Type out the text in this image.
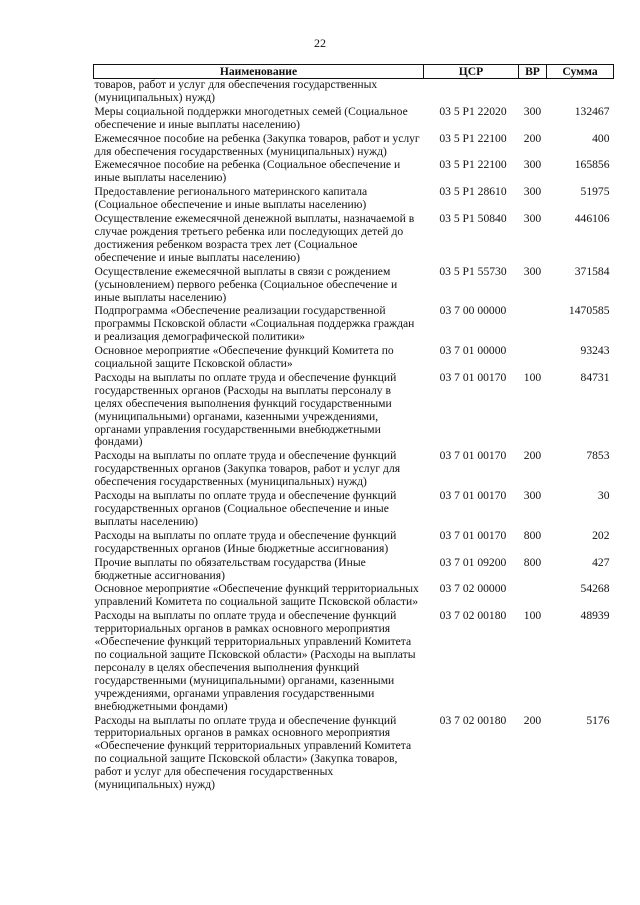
22
Наименование	ЦСР	ВР	Сумма
товаров, работ и услуг для обеспечения государственных (муниципальных) нужд)			
Меры социальной поддержки многодетных семей (Социальное обеспечение и иные выплаты населению)	03 5 P1 22020	300	132467
Ежемесячное пособие на ребенка (Закупка товаров, работ и услуг для обеспечения государственных (муниципальных) нужд)	03 5 P1 22100	200	400
Ежемесячное пособие на ребенка (Социальное обеспечение и иные выплаты населению)	03 5 P1 22100	300	165856
Предоставление регионального материнского капитала (Социальное обеспечение и иные выплаты населению)	03 5 P1 28610	300	51975
Осуществление ежемесячной денежной выплаты, назначаемой в случае рождения третьего ребенка или последующих детей до достижения ребенком возраста трех лет (Социальное обеспечение и иные выплаты населению)	03 5 P1 50840	300	446106
Осуществление ежемесячной выплаты в связи с рождением (усыновлением) первого ребенка (Социальное обеспечение и иные выплаты населению)	03 5 P1 55730	300	371584
Подпрограмма «Обеспечение реализации государственной программы Псковской области «Социальная поддержка граждан и реализация демографической политики»	03 7 00 00000		1470585
Основное мероприятие «Обеспечение функций Комитета по социальной защите Псковской области»	03 7 01 00000		93243
Расходы на выплаты по оплате труда и обеспечение функций государственных органов (Расходы на выплаты персоналу в целях обеспечения выполнения функций государственными (муниципальными) органами, казенными учреждениями, органами управления государственными внебюджетными фондами)	03 7 01 00170	100	84731
Расходы на выплаты по оплате труда и обеспечение функций государственных органов (Закупка товаров, работ и услуг для обеспечения государственных (муниципальных) нужд)	03 7 01 00170	200	7853
Расходы на выплаты по оплате труда и обеспечение функций государственных органов (Социальное обеспечение и иные выплаты населению)	03 7 01 00170	300	30
Расходы на выплаты по оплате труда и обеспечение функций государственных органов (Иные бюджетные ассигнования)	03 7 01 00170	800	202
Прочие выплаты по обязательствам государства (Иные бюджетные ассигнования)	03 7 01 09200	800	427
Основное мероприятие «Обеспечение функций территориальных управлений Комитета по социальной защите Псковской области»	03 7 02 00000		54268
Расходы на выплаты по оплате труда и обеспечение функций территориальных органов в рамках основного мероприятия «Обеспечение функций территориальных управлений Комитета по социальной защите Псковской области» (Расходы на выплаты персоналу в целях обеспечения выполнения функций государственными (муниципальными) органами, казенными учреждениями, органами управления государственными внебюджетными фондами)	03 7 02 00180	100	48939
Расходы на выплаты по оплате труда и обеспечение функций территориальных органов в рамках основного мероприятия «Обеспечение функций территориальных управлений Комитета по социальной защите Псковской области» (Закупка товаров, работ и услуг для обеспечения государственных (муниципальных) нужд)	03 7 02 00180	200	5176
